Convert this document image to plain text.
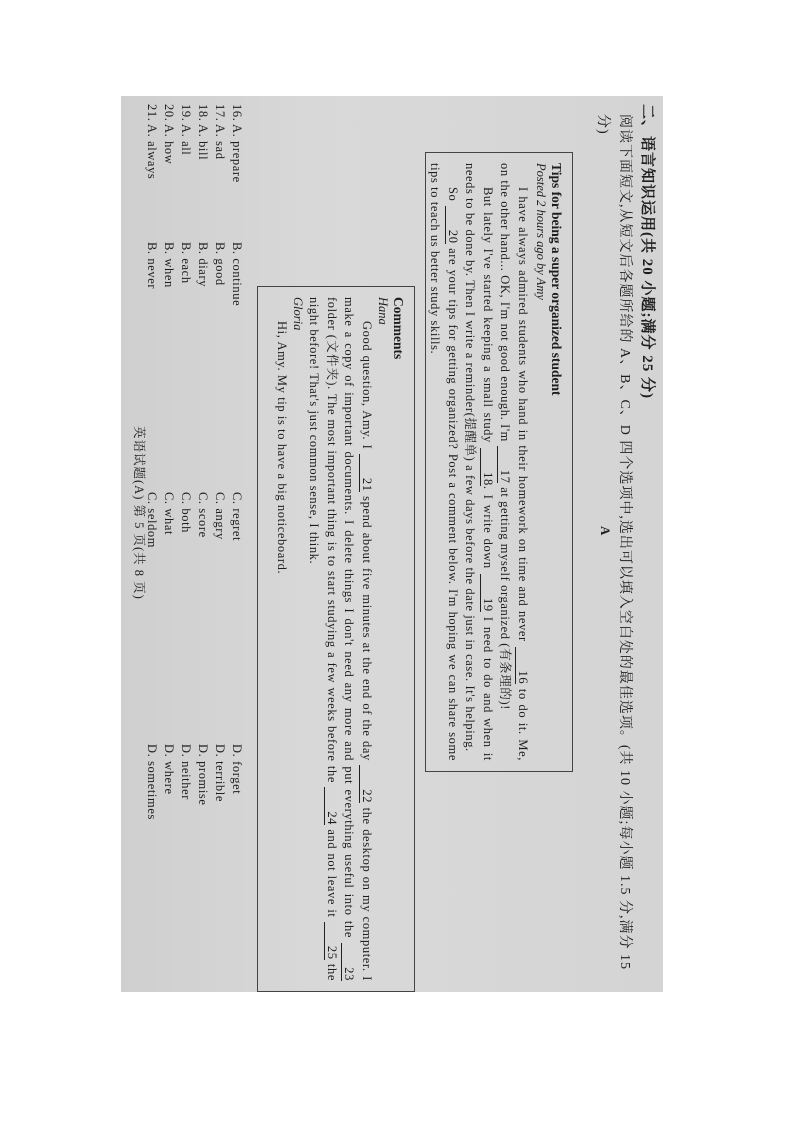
二、语言知识运用(共 20 小题;满分 25 分)
阅读下面短文,从短文后各题所给的 A、B、C、D 四个选项中,选出可以填入空白处的最佳选项。(共 10 小题;每小题 1.5 分,满分 15 分)
A

Tips for being a super organized student

Posted 2 hours ago by Amy

I have always admired students who hand in their homework on time and never 16 to do it. Me, on the other hand... OK, I'm not good enough. I'm 17 at getting myself organized (有条理的)!

But lately I've started keeping a small study 18. I write down 19 I need to do and when it needs to be done by. Then I write a reminder(提醒单) a few days before the date just in case. It's helping.

So 20 are your tips for getting organized? Post a comment below. I'm hoping we can share some tips to teach us better study skills.

Comments

Hana

Good question, Amy. I 21 spend about five minutes at the end of the day 22 the desktop on my computer. I make a copy of important documents. I delete things I don't need any more and put everything useful into the 23 folder (文件夹). The most important thing is to start studying a few weeks before the 24 and not leave it 25 the night before! That's just common sense, I think.

Gloria

Hi, Amy. My tip is to have a big noticeboard.

16.
A. prepare
B. continue
C. regret
D. forget
17.
A. sad
B. good
C. angry
D. terrible
18.
A. bill
B. diary
C. score
D. promise
19.
A. all
B. each
C. both
D. neither
20.
A. how
B. when
C. what
D. where
21.
A. always
B. never
C. seldom
D. sometimes
英语试题(A) 第 5 页(共 8 页)
